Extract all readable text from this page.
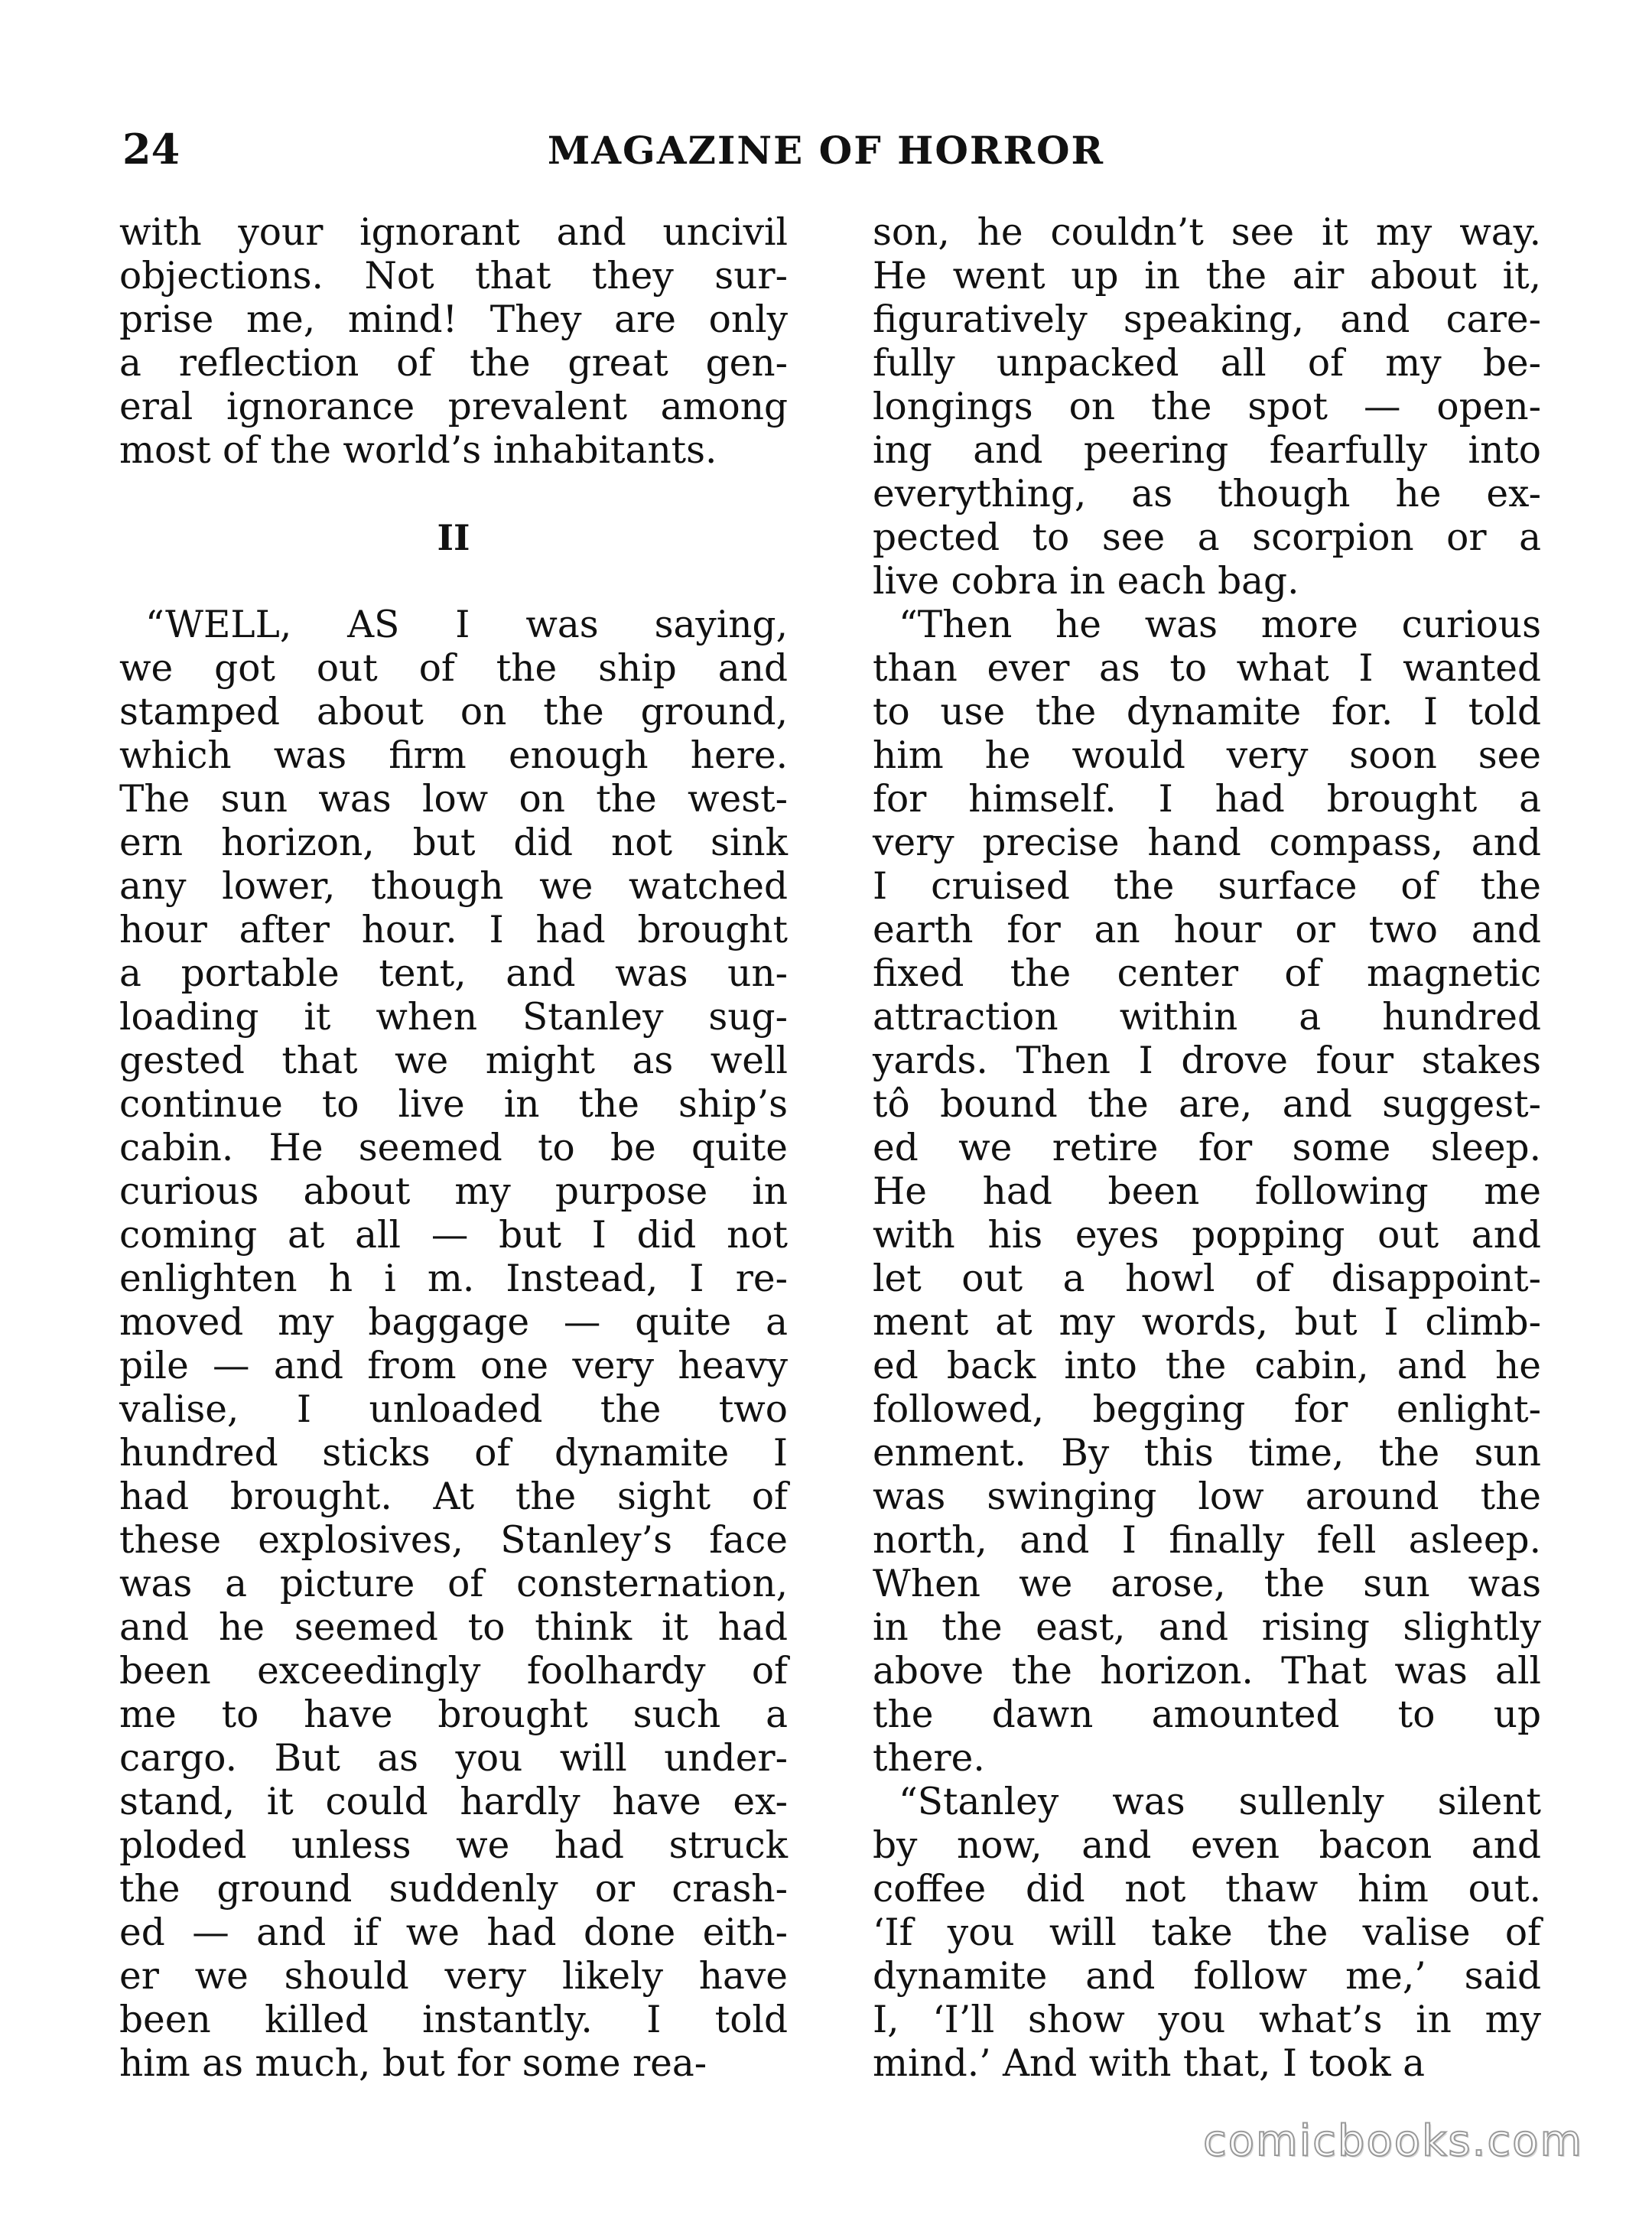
24	MAGAZINE OF HORROR
with your ignorant and uncivil
objections. Not that they sur-
prise me, mind! They are only
a reflection of the great gen-
eral ignorance prevalent among
most of the world’s inhabitants.
II
“WELL, AS I was saying,
we got out of the ship and
stamped about on the ground,
which was firm enough here.
The sun was low on the west-
ern horizon, but did not sink
any lower, though we watched
hour after hour. I had brought
a portable tent, and was un-
loading it when Stanley sug-
gested that we might as well
continue to live in the ship’s
cabin. He seemed to be quite
curious about my purpose in
coming at all — but I did not
enlighten h i m. Instead, I re-
moved my baggage — quite a
pile — and from one very heavy
valise, I unloaded the two
hundred sticks of dynamite I
had brought. At the sight of
these explosives, Stanley’s face
was a picture of consternation,
and he seemed to think it had
been exceedingly foolhardy of
me to have brought such a
cargo. But as you will under-
stand, it could hardly have ex-
ploded unless we had struck
the ground suddenly or crash-
ed — and if we had done eith-
er we should very likely have
been killed instantly. I told
him as much, but for some rea-
son, he couldn’t see it my way.
He went up in the air about it,
figuratively speaking, and care-
fully unpacked all of my be-
longings on the spot — open-
ing and peering fearfully into
everything, as though he ex-
pected to see a scorpion or a
live cobra in each bag.
“Then he was more curious
than ever as to what I wanted
to use the dynamite for. I told
him he would very soon see
for himself. I had brought a
very precise hand compass, and
I cruised the surface of the
earth for an hour or two and
fixed the center of magnetic
attraction within a hundred
yards. Then I drove four stakes
tô bound the are, and suggest-
ed we retire for some sleep.
He had been following me
with his eyes popping out and
let out a howl of disappoint-
ment at my words, but I climb-
ed back into the cabin, and he
followed, begging for enlight-
enment. By this time, the sun
was swinging low around the
north, and I finally fell asleep.
When we arose, the sun was
in the east, and rising slightly
above the horizon. That was all
the dawn amounted to up
there.
“Stanley was sullenly silent
by now, and even bacon and
coffee did not thaw him out.
‘If you will take the valise of
dynamite and follow me,’ said
I, ‘I’ll show you what’s in my
mind.’ And with that, I took a
comicbooks.com
